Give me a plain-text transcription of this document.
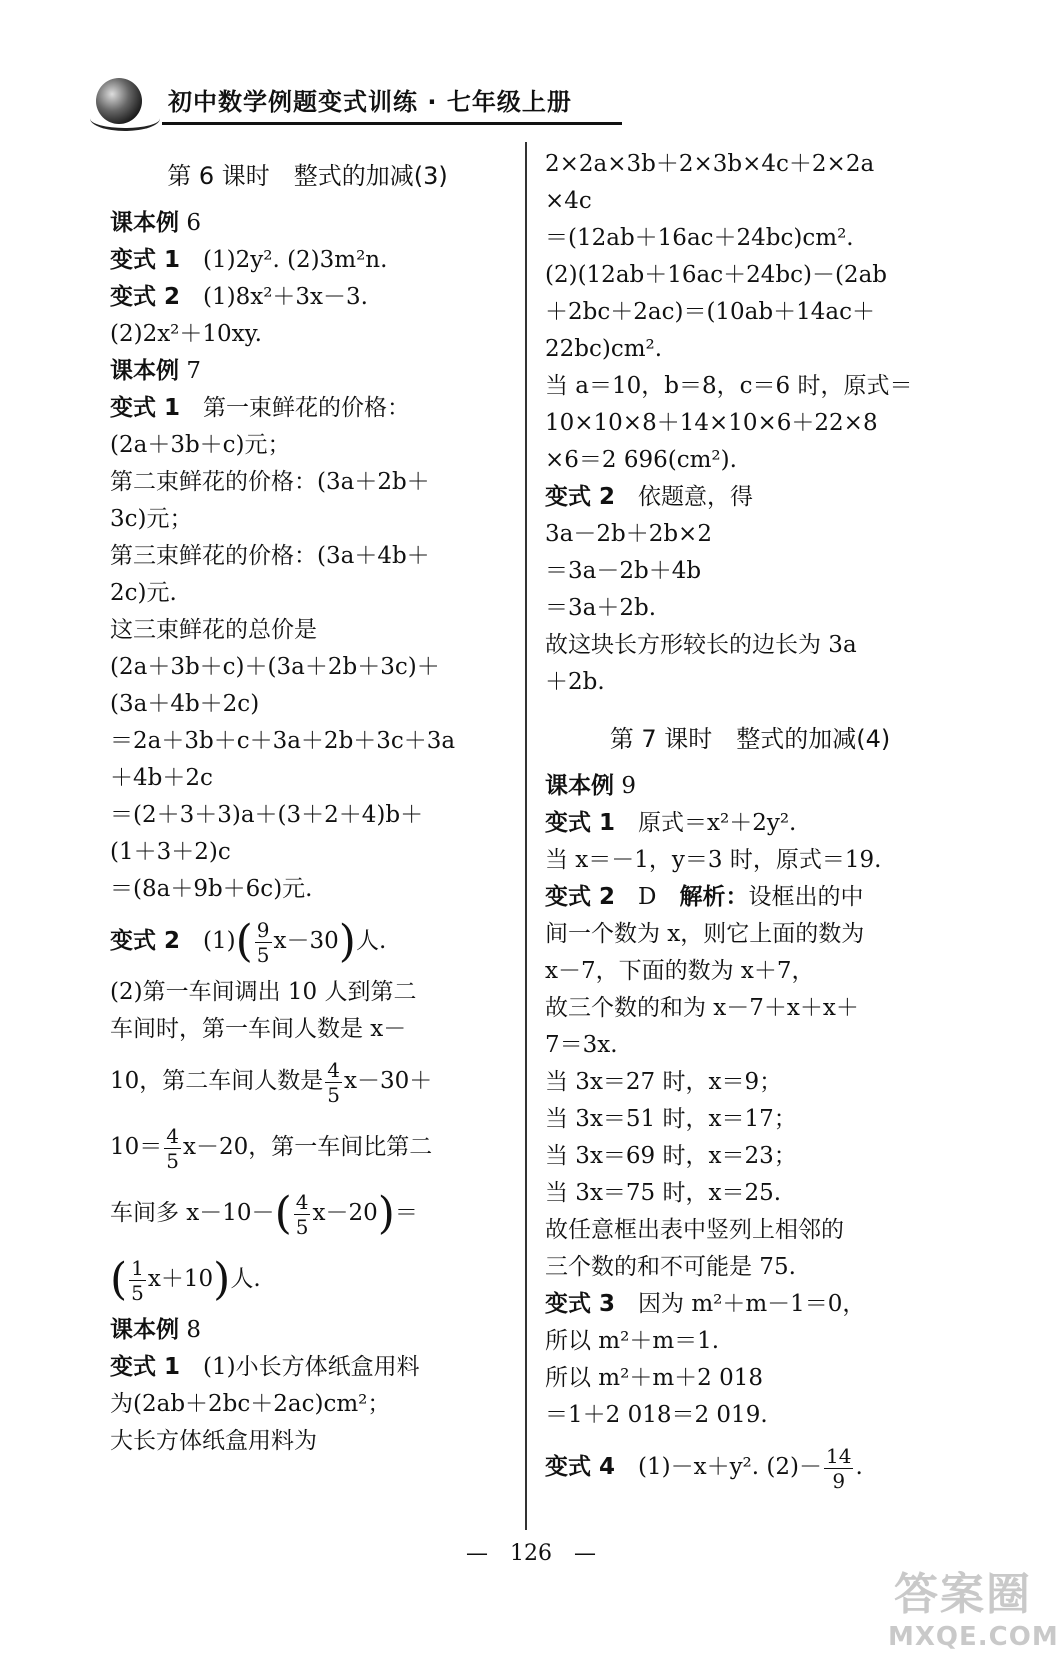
初中数学例题变式训练 · 七年级上册
第 6 课时　整式的加减(3)
课本例 6
变式 1　 (1)2y². (2)3m²n.
变式 2　 (1)8x²＋3x－3.
(2)2x²＋10xy.
课本例 7
变式 1　 第一束鲜花的价格：
(2a＋3b＋c)元；
第二束鲜花的价格：(3a＋2b＋
3c)元；
第三束鲜花的价格：(3a＋4b＋
2c)元.
这三束鲜花的总价是
(2a＋3b＋c)＋(3a＋2b＋3c)＋
(3a＋4b＋2c)
＝2a＋3b＋c＋3a＋2b＋3c＋3a
＋4b＋2c
＝(2＋3＋3)a＋(3＋2＋4)b＋
(1＋3＋2)c
＝(8a＋9b＋6c)元.
变式 2　 $(1)( \frac{9}{5} x-30)$人.
(2)第一车间调出 10 人到第二
车间时，第一车间人数是 x－
10，第二车间人数是 $\frac{4}{5} x-30+$
$10= \frac{4}{5} x-20$，第一车间比第二
车间多 $x-10-( \frac{4}{5} x-20)=$
( $\frac{1}{5} x+10$)人.
课本例 8
变式 1　 (1)小长方体纸盒用料
为(2ab＋2bc＋2ac)cm²；
大长方体纸盒用料为
2×2a×3b＋2×3b×4c＋2×2a
×4c
＝(12ab＋16ac＋24bc)cm².
(2)(12ab＋16ac＋24bc)－(2ab
＋2bc＋2ac)＝(10ab＋14ac＋
22bc)cm².
当 a＝10，b＝8，c＝6 时，原式＝
10×10×8＋14×10×6＋22×8
×6＝2 696(cm²).
变式 2　 依题意，得
3a－2b＋2b×2
＝3a－2b＋4b
＝3a＋2b.
故这块长方形较长的边长为 3a
＋2b.
第 7 课时　整式的加减(4)
课本例 9
变式 1　 原式＝x²＋2y².
当 x＝－1，y＝3 时，原式＝19.
变式 2　 D　 解析：设框出的中
间一个数为 x，则它上面的数为
x－7，下面的数为 x＋7，
故三个数的和为 x－7＋x＋x＋
7＝3x.
当 3x＝27 时，x＝9；
当 3x＝51 时，x＝17；
当 3x＝69 时，x＝23；
当 3x＝75 时，x＝25.
故任意框出表中竖列上相邻的
三个数的和不可能是 75.
变式 3　 因为 m²＋m－1＝0，
所以 m²＋m＝1.
所以 m²＋m＋2 018
＝1＋2 018＝2 019.
变式 4　 (1)－x＋y². $(2)- \frac{14}{9}$ .
—　126　—
答案圈
MXQE.COM
